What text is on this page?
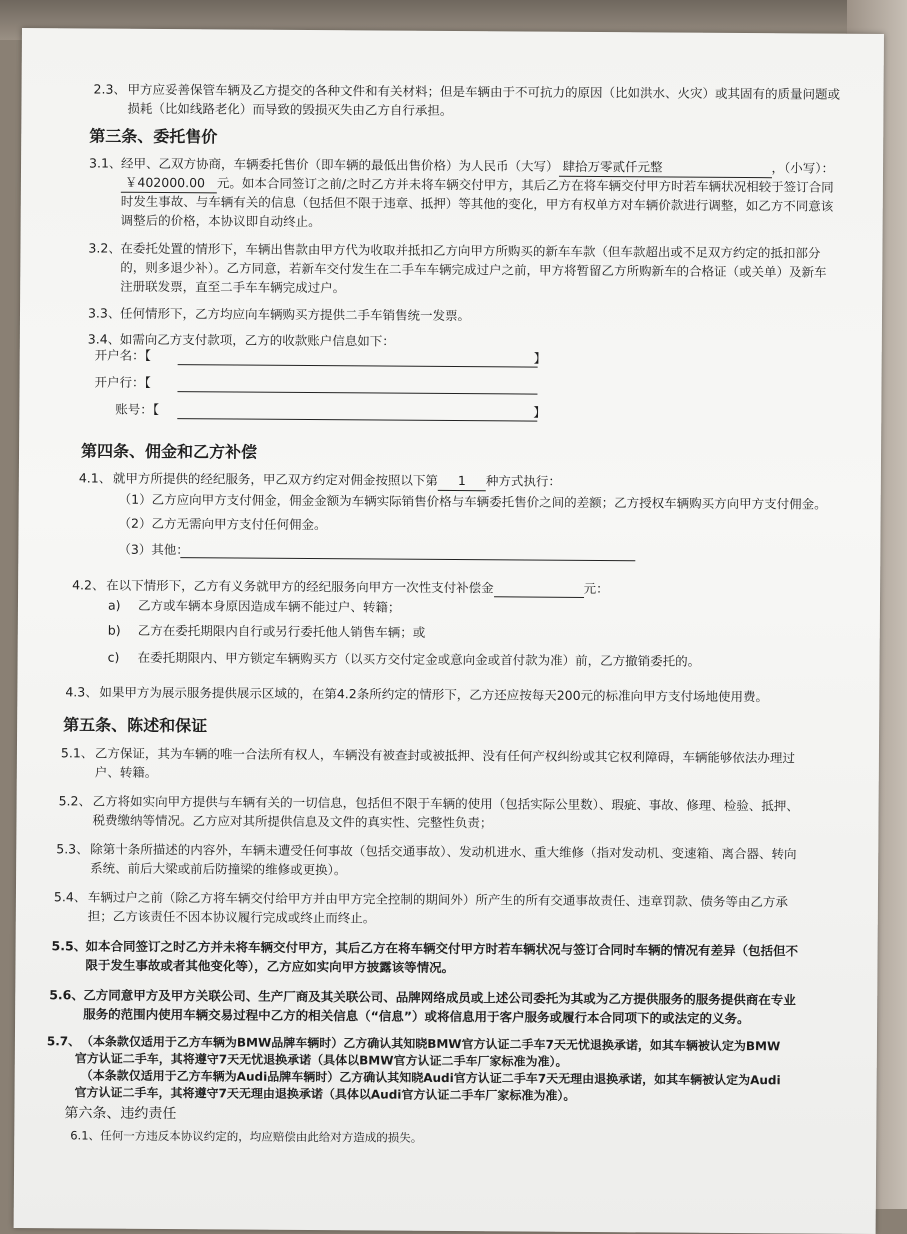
2.3、 甲方应妥善保管车辆及乙方提交的各种文件和有关材料；但是车辆由于不可抗力的原因（比如洪水、火灾）或其固有的质量问题或
损耗（比如线路老化）而导致的毁损灭失由乙方自行承担。
第三条、委托售价
3.1、 经甲、乙双方协商，车辆委托售价（即车辆的最低出售价格）为人民币（大写） 肆拾万零贰仟元整	，（小写）：
￥402000.00 元。如本合同签订之前/之时乙方并未将车辆交付甲方，其后乙方在将车辆交付甲方时若车辆状况相较于签订合同
时发生事故、与车辆有关的信息（包括但不限于违章、抵押）等其他的变化，甲方有权单方对车辆价款进行调整，如乙方不同意该
调整后的价格，本协议即自动终止。
3.2、 在委托处置的情形下，车辆出售款由甲方代为收取并抵扣乙方向甲方所购买的新车车款（但车款超出或不足双方约定的抵扣部分
的，则多退少补）。乙方同意，若新车交付发生在二手车车辆完成过户之前，甲方将暂留乙方所购新车的合格证（或关单）及新车
注册联发票，直至二手车车辆完成过户。
3.3、 任何情形下，乙方均应向车辆购买方提供二手车销售统一发票。
3.4、 如需向乙方支付款项，乙方的收款账户信息如下：
开户名：【	】
开户行：【
账号：【	】
第四条、佣金和乙方补偿
4.1、 就甲方所提供的经纪服务，甲乙双方约定对佣金按照以下第 1 种方式执行：
（1）乙方应向甲方支付佣金，佣金金额为车辆实际销售价格与车辆委托售价之间的差额；乙方授权车辆购买方向甲方支付佣金。
（2）乙方无需向甲方支付任何佣金。
（3）其他：
4.2、 在以下情形下，乙方有义务就甲方的经纪服务向甲方一次性支付补偿金	元：
a) 乙方或车辆本身原因造成车辆不能过户、转籍；
b) 乙方在委托期限内自行或另行委托他人销售车辆；或
c) 在委托期限内、甲方锁定车辆购买方（以买方交付定金或意向金或首付款为准）前，乙方撤销委托的。
4.3、 如果甲方为展示服务提供展示区域的，在第4.2条所约定的情形下，乙方还应按每天200元的标准向甲方支付场地使用费。
第五条、陈述和保证
5.1、 乙方保证，其为车辆的唯一合法所有权人，车辆没有被查封或被抵押、没有任何产权纠纷或其它权利障碍，车辆能够依法办理过
户、转籍。
5.2、 乙方将如实向甲方提供与车辆有关的一切信息，包括但不限于车辆的使用（包括实际公里数）、瑕疵、事故、修理、检验、抵押、
税费缴纳等情况。乙方应对其所提供信息及文件的真实性、完整性负责；
5.3、 除第十条所描述的内容外，车辆未遭受任何事故（包括交通事故）、发动机进水、重大维修（指对发动机、变速箱、离合器、转向
系统、前后大梁或前后防撞梁的维修或更换）。
5.4、 车辆过户之前（除乙方将车辆交付给甲方并由甲方完全控制的期间外）所产生的所有交通事故责任、违章罚款、债务等由乙方承
担；乙方该责任不因本协议履行完成或终止而终止。
5.5、 如本合同签订之时乙方并未将车辆交付甲方，其后乙方在将车辆交付甲方时若车辆状况与签订合同时车辆的情况有差异（包括但不
限于发生事故或者其他变化等），乙方应如实向甲方披露该等情况。
5.6、 乙方同意甲方及甲方关联公司、生产厂商及其关联公司、品牌网络成员或上述公司委托为其或为乙方提供服务的服务提供商在专业
服务的范围内使用车辆交易过程中乙方的相关信息（“信息”）或将信息用于客户服务或履行本合同项下的或法定的义务。
5.7、 （本条款仅适用于乙方车辆为BMW品牌车辆时）乙方确认其知晓BMW官方认证二手车7天无忧退换承诺，如其车辆被认定为BMW
官方认证二手车，其将遵守7天无忧退换承诺（具体以BMW官方认证二手车厂家标准为准）。
（本条款仅适用于乙方车辆为Audi品牌车辆时）乙方确认其知晓Audi官方认证二手车7天无理由退换承诺，如其车辆被认定为Audi
官方认证二手车，其将遵守7天无理由退换承诺（具体以Audi官方认证二手车厂家标准为准）。
第六条、违约责任
6.1、 任何一方违反本协议约定的，均应赔偿由此给对方造成的损失。
